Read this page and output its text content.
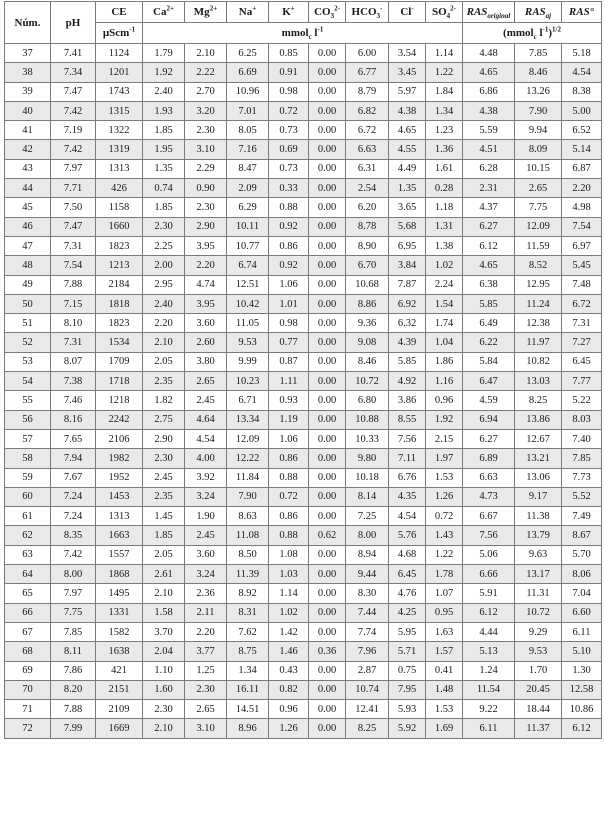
Núm.	pH	CE	$Ca^{2+}$	$Mg^{2+}$	Na+	K+	$CO_3^{2-}$	$HCO_3^-$	Cl-	$SO_4^{2-}$	$RAS_{original}$	$RAS_{aj}$	RAS°
		µScm$^{-1}$	mmol$_c$ $l^{-1}$								(mmol$_c$ $l^{-1})^{1/2}$
37	7.41	1124	1.79	2.10	6.25	0.85	0.00	6.00	3.54	1.14	4.48	7.85	5.18
38	7.34	1201	1.92	2.22	6.69	0.91	0.00	6.77	3.45	1.22	4.65	8.46	4.54
39	7.47	1743	2.40	2.70	10.96	0.98	0.00	8.79	5.97	1.84	6.86	13.26	8.38
40	7.42	1315	1.93	3.20	7.01	0.72	0.00	6.82	4.38	1.34	4.38	7.90	5.00
41	7.19	1322	1.85	2.30	8.05	0.73	0.00	6.72	4.65	1.23	5.59	9.94	6.52
42	7.42	1319	1.95	3.10	7.16	0.69	0.00	6.63	4.55	1.36	4.51	8.09	5.14
43	7.97	1313	1.35	2.29	8.47	0.73	0.00	6.31	4.49	1.61	6.28	10.15	6.87
44	7.71	426	0.74	0.90	2.09	0.33	0.00	2.54	1.35	0.28	2.31	2.65	2.20
45	7.50	1158	1.85	2.30	6.29	0.88	0.00	6.20	3.65	1.18	4.37	7.75	4.98
46	7.47	1660	2.30	2.90	10.11	0.92	0.00	8.78	5.68	1.31	6.27	12.09	7.54
47	7.31	1823	2.25	3.95	10.77	0.86	0.00	8.90	6.95	1.38	6.12	11.59	6.97
48	7.54	1213	2.00	2.20	6.74	0.92	0.00	6.70	3.84	1.02	4.65	8.52	5.45
49	7.88	2184	2.95	4.74	12.51	1.06	0.00	10.68	7.87	2.24	6.38	12.95	7.48
50	7.15	1818	2.40	3.95	10.42	1.01	0.00	8.86	6.92	1.54	5.85	11.24	6.72
51	8.10	1823	2.20	3.60	11.05	0.98	0.00	9.36	6.32	1.74	6.49	12.38	7.31
52	7.31	1534	2.10	2.60	9.53	0.77	0.00	9.08	4.39	1.04	6.22	11.97	7.27
53	8.07	1709	2.05	3.80	9.99	0.87	0.00	8.46	5.85	1.86	5.84	10.82	6.45
54	7.38	1718	2.35	2.65	10.23	1.11	0.00	10.72	4.92	1.16	6.47	13.03	7.77
55	7.46	1218	1.82	2.45	6.71	0.93	0.00	6.80	3.86	0.96	4.59	8.25	5.22
56	8.16	2242	2.75	4.64	13.34	1.19	0.00	10.88	8.55	1.92	6.94	13.86	8.03
57	7.65	2106	2.90	4.54	12.09	1.06	0.00	10.33	7.56	2.15	6.27	12.67	7.40
58	7.94	1982	2.30	4.00	12.22	0.86	0.00	9.80	7.11	1.97	6.89	13.21	7.85
59	7.67	1952	2.45	3.92	11.84	0.88	0.00	10.18	6.76	1.53	6.63	13.06	7.73
60	7.24	1453	2.35	3.24	7.90	0.72	0.00	8.14	4.35	1.26	4.73	9.17	5.52
61	7.24	1313	1.45	1.90	8.63	0.86	0.00	7.25	4.54	0.72	6.67	11.38	7.49
62	8.35	1663	1.85	2.45	11.08	0.88	0.62	8.00	5.76	1.43	7.56	13.79	8.67
63	7.42	1557	2.05	3.60	8.50	1.08	0.00	8.94	4.68	1.22	5.06	9.63	5.70
64	8.00	1868	2.61	3.24	11.39	1.03	0.00	9.44	6.45	1.78	6.66	13.17	8.06
65	7.97	1495	2.10	2.36	8.92	1.14	0.00	8.30	4.76	1.07	5.91	11.31	7.04
66	7.75	1331	1.58	2.11	8.31	1.02	0.00	7.44	4.25	0.95	6.12	10.72	6.60
67	7.85	1582	3.70	2.20	7.62	1.42	0.00	7.74	5.95	1.63	4.44	9.29	6.11
68	8.11	1638	2.04	3.77	8.75	1.46	0.36	7.96	5.71	1.57	5.13	9.53	5.10
69	7.86	421	1.10	1.25	1.34	0.43	0.00	2.87	0.75	0.41	1.24	1.70	1.30
70	8.20	2151	1.60	2.30	16.11	0.82	0.00	10.74	7.95	1.48	11.54	20.45	12.58
71	7.88	2109	2.30	2.65	14.51	0.96	0.00	12.41	5.93	1.53	9.22	18.44	10.86
72	7.99	1669	2.10	3.10	8.96	1.26	0.00	8.25	5.92	1.69	6.11	11.37	6.12
